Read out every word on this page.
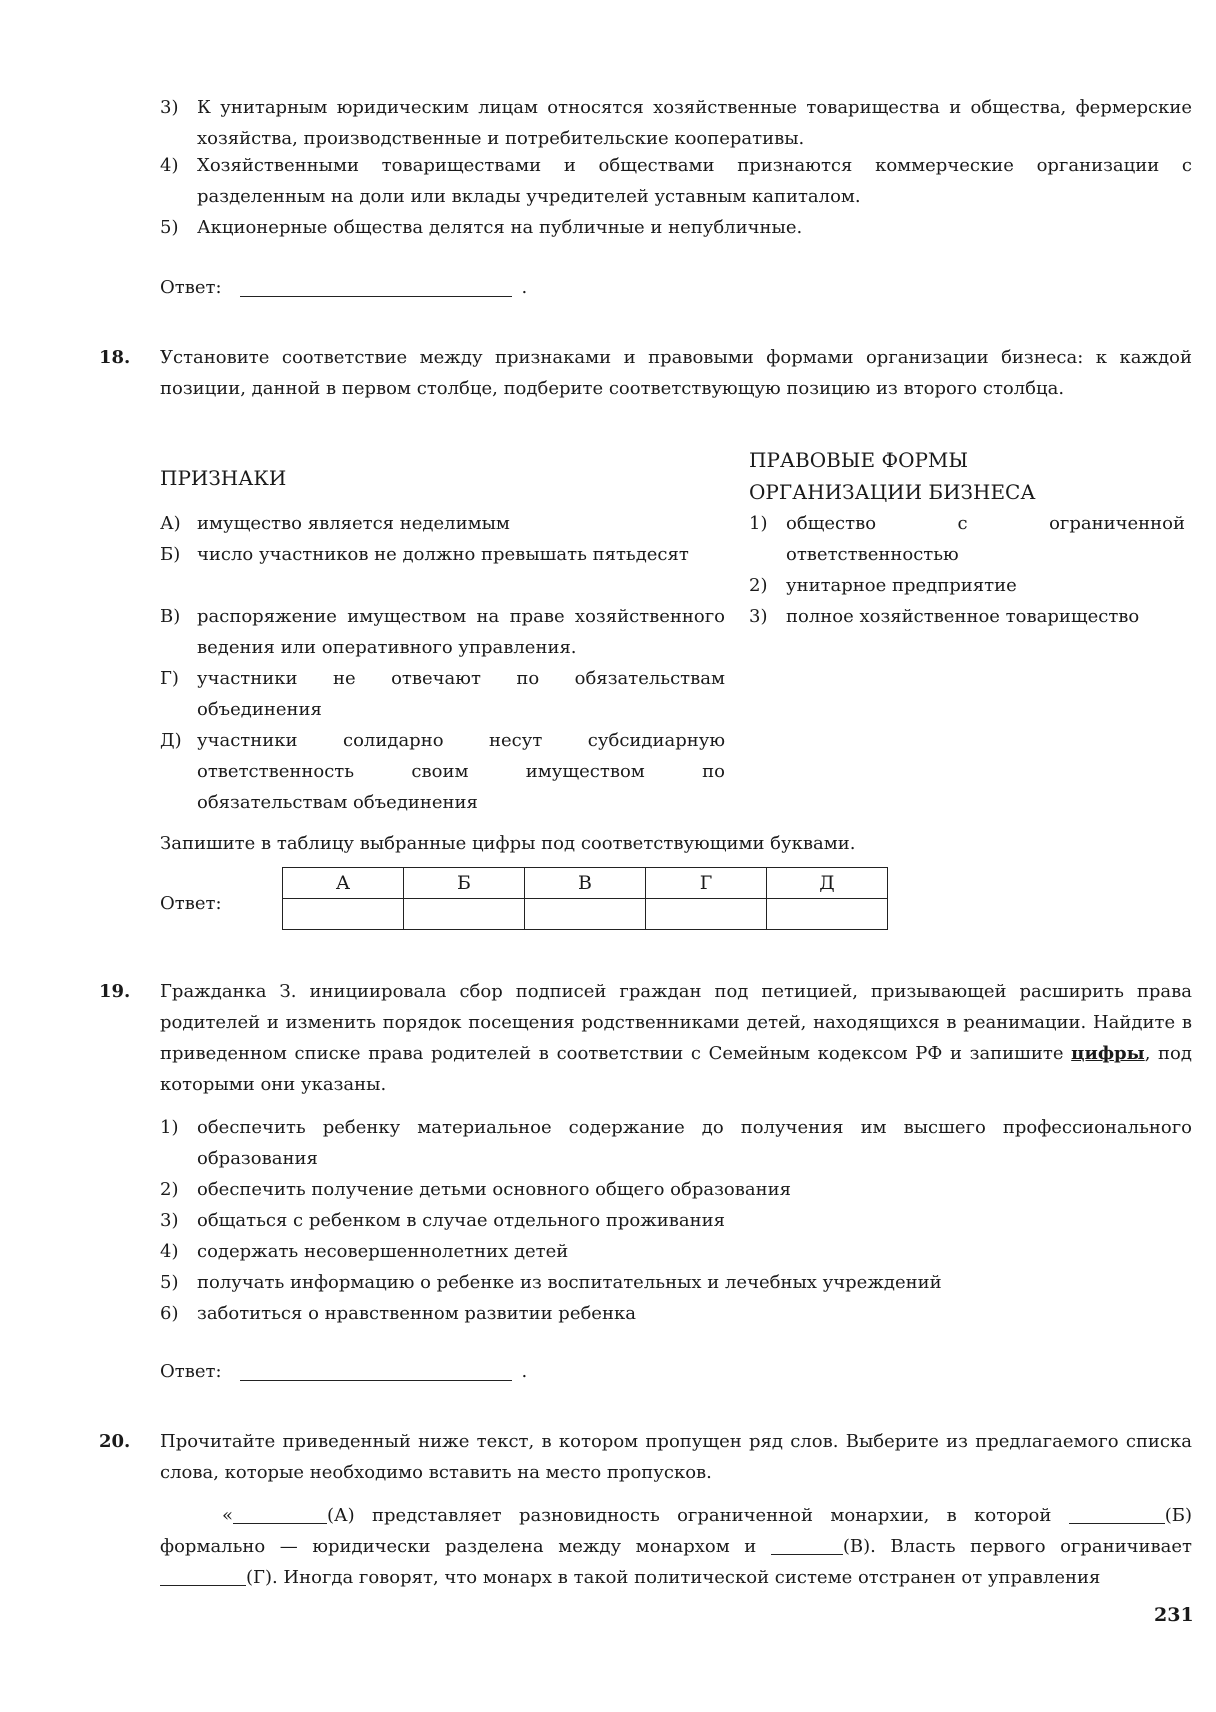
3) К унитарным юридическим лицам относятся хозяйственные товарищества и общества, фермерские хозяйства, производственные и потребительские кооперативы.
4) Хозяйственными товариществами и обществами признаются коммерческие организации с разделенным на доли или вклады учредителей уставным капиталом.
5) Акционерные общества делятся на публичные и непубличные.
Ответ:	.
18. Установите соответствие между признаками и правовыми формами организации бизнеса: к каждой позиции, данной в первом столбце, подберите соответствующую позицию из второго столбца.
ПРИЗНАКИ
ПРАВОВЫЕ ФОРМЫ
ОРГАНИЗАЦИИ БИЗНЕСА
А) имущество является неделимым
Б) число участников не должно превышать пятьдесят
В) распоряжение имуществом на праве хозяйственного ведения или оперативного управления.
Г) участники не отвечают по обязательствам объединения
Д) участники солидарно несут субсидиарную ответственность своим имуществом по обязательствам объединения
1) общество с ограниченной ответственностью
2) унитарное предприятие
3) полное хозяйственное товарищество
Запишите в таблицу выбранные цифры под соответствующими буквами.
Ответ:
А	Б	В	Г	Д

19. Гражданка З. инициировала сбор подписей граждан под петицией, призывающей расширить права родителей и изменить порядок посещения родственниками детей, находящихся в реанимации. Найдите в приведенном списке права родителей в соответствии с Семейным кодексом РФ и запишите цифры, под которыми они указаны.
1) обеспечить ребенку материальное содержание до получения им высшего профессионального образования
2) обеспечить получение детьми основного общего образования
3) общаться с ребенком в случае отдельного проживания
4) содержать несовершеннолетних детей
5) получать информацию о ребенке из воспитательных и лечебных учреждений
6) заботиться о нравственном развитии ребенка
Ответ:	.
20. Прочитайте приведенный ниже текст, в котором пропущен ряд слов. Выберите из предлагаемого списка слова, которые необходимо вставить на место пропусков.
«	(А) представляет разновидность ограниченной монархии, в которой	(Б) формально — юридически разделена между монархом и	(В). Власть первого ограничивает (Г). Иногда говорят, что монарх в такой политической системе отстранен от управления
231
